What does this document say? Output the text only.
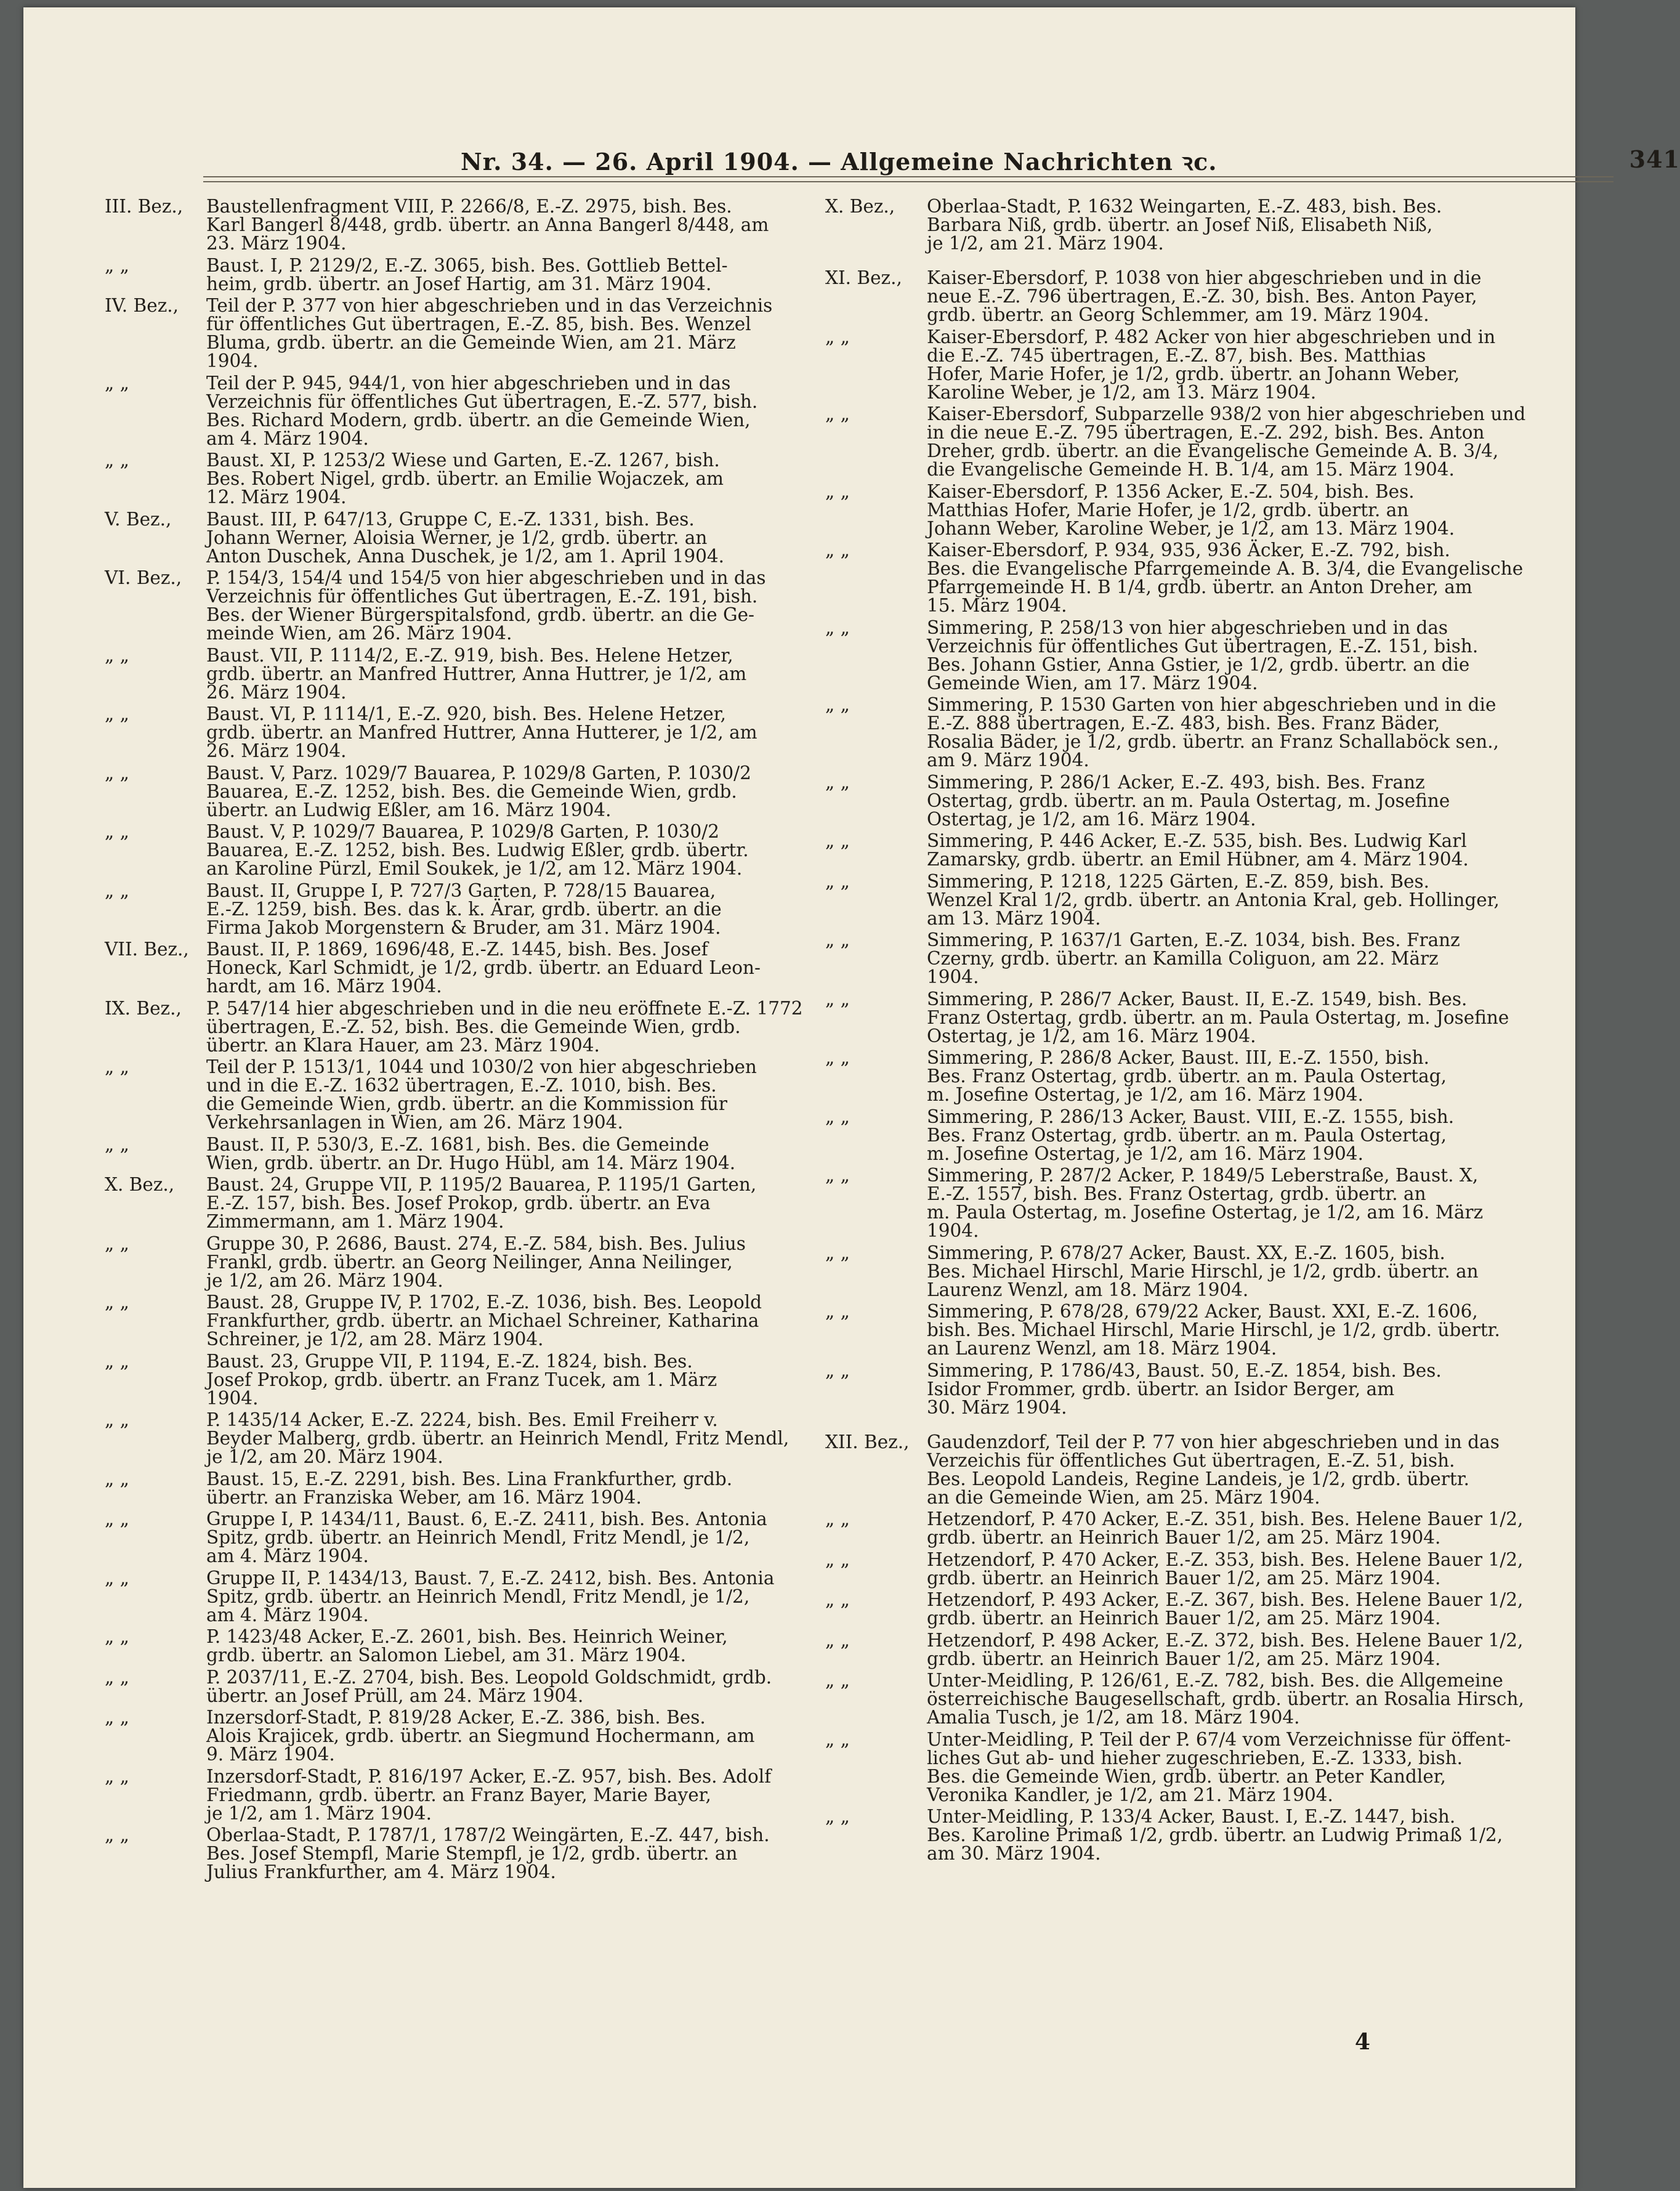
Nr. 34. — 26. April 1904. — Allgemeine Nachrichten ꝛc.	341
III. Bez.,	Baustellenfragment VIII, P. 2266/8, E.-Z. 2975, bish. Bes.
Karl Bangerl 8/448, grdb. übertr. an Anna Bangerl 8/448, am
23. März 1904.
„ „	Baust. I, P. 2129/2, E.-Z. 3065, bish. Bes. Gottlieb Bettel-
heim, grdb. übertr. an Josef Hartig, am 31. März 1904.
IV. Bez.,	Teil der P. 377 von hier abgeschrieben und in das Verzeichnis
für öffentliches Gut übertragen, E.-Z. 85, bish. Bes. Wenzel
Bluma, grdb. übertr. an die Gemeinde Wien, am 21. März
1904.
„ „	Teil der P. 945, 944/1, von hier abgeschrieben und in das
Verzeichnis für öffentliches Gut übertragen, E.-Z. 577, bish.
Bes. Richard Modern, grdb. übertr. an die Gemeinde Wien,
am 4. März 1904.
„ „	Baust. XI, P. 1253/2 Wiese und Garten, E.-Z. 1267, bish.
Bes. Robert Nigel, grdb. übertr. an Emilie Wojaczek, am
12. März 1904.
V. Bez.,	Baust. III, P. 647/13, Gruppe C, E.-Z. 1331, bish. Bes.
Johann Werner, Aloisia Werner, je 1/2, grdb. übertr. an
Anton Duschek, Anna Duschek, je 1/2, am 1. April 1904.
VI. Bez.,	P. 154/3, 154/4 und 154/5 von hier abgeschrieben und in das
Verzeichnis für öffentliches Gut übertragen, E.-Z. 191, bish.
Bes. der Wiener Bürgerspitalsfond, grdb. übertr. an die Ge-
meinde Wien, am 26. März 1904.
„ „	Baust. VII, P. 1114/2, E.-Z. 919, bish. Bes. Helene Hetzer,
grdb. übertr. an Manfred Huttrer, Anna Huttrer, je 1/2, am
26. März 1904.
„ „	Baust. VI, P. 1114/1, E.-Z. 920, bish. Bes. Helene Hetzer,
grdb. übertr. an Manfred Huttrer, Anna Hutterer, je 1/2, am
26. März 1904.
„ „	Baust. V, Parz. 1029/7 Bauarea, P. 1029/8 Garten, P. 1030/2
Bauarea, E.-Z. 1252, bish. Bes. die Gemeinde Wien, grdb.
übertr. an Ludwig Eßler, am 16. März 1904.
„ „	Baust. V, P. 1029/7 Bauarea, P. 1029/8 Garten, P. 1030/2
Bauarea, E.-Z. 1252, bish. Bes. Ludwig Eßler, grdb. übertr.
an Karoline Pürzl, Emil Soukek, je 1/2, am 12. März 1904.
„ „	Baust. II, Gruppe I, P. 727/3 Garten, P. 728/15 Bauarea,
E.-Z. 1259, bish. Bes. das k. k. Ärar, grdb. übertr. an die
Firma Jakob Morgenstern & Bruder, am 31. März 1904.
VII. Bez., Baust. II, P. 1869, 1696/48, E.-Z. 1445, bish. Bes. Josef
Honeck, Karl Schmidt, je 1/2, grdb. übertr. an Eduard Leon-
hardt, am 16. März 1904.
IX. Bez.,	P. 547/14 hier abgeschrieben und in die neu eröffnete E.-Z. 1772
übertragen, E.-Z. 52, bish. Bes. die Gemeinde Wien, grdb.
übertr. an Klara Hauer, am 23. März 1904.
„ „	Teil der P. 1513/1, 1044 und 1030/2 von hier abgeschrieben
und in die E.-Z. 1632 übertragen, E.-Z. 1010, bish. Bes.
die Gemeinde Wien, grdb. übertr. an die Kommission für
Verkehrsanlagen in Wien, am 26. März 1904.
„ „	Baust. II, P. 530/3, E.-Z. 1681, bish. Bes. die Gemeinde
Wien, grdb. übertr. an Dr. Hugo Hübl, am 14. März 1904.
X. Bez.,	Baust. 24, Gruppe VII, P. 1195/2 Bauarea, P. 1195/1 Garten,
E.-Z. 157, bish. Bes. Josef Prokop, grdb. übertr. an Eva
Zimmermann, am 1. März 1904.
„ „	Gruppe 30, P. 2686, Baust. 274, E.-Z. 584, bish. Bes. Julius
Frankl, grdb. übertr. an Georg Neilinger, Anna Neilinger,
je 1/2, am 26. März 1904.
„ „	Baust. 28, Gruppe IV, P. 1702, E.-Z. 1036, bish. Bes. Leopold
Frankfurther, grdb. übertr. an Michael Schreiner, Katharina
Schreiner, je 1/2, am 28. März 1904.
„ „	Baust. 23, Gruppe VII, P. 1194, E.-Z. 1824, bish. Bes.
Josef Prokop, grdb. übertr. an Franz Tucek, am 1. März
1904.
„ „	P. 1435/14 Acker, E.-Z. 2224, bish. Bes. Emil Freiherr v.
Beyder Malberg, grdb. übertr. an Heinrich Mendl, Fritz Mendl,
je 1/2, am 20. März 1904.
„ „	Baust. 15, E.-Z. 2291, bish. Bes. Lina Frankfurther, grdb.
übertr. an Franziska Weber, am 16. März 1904.
„ „	Gruppe I, P. 1434/11, Baust. 6, E.-Z. 2411, bish. Bes. Antonia
Spitz, grdb. übertr. an Heinrich Mendl, Fritz Mendl, je 1/2,
am 4. März 1904.
„ „	Gruppe II, P. 1434/13, Baust. 7, E.-Z. 2412, bish. Bes. Antonia
Spitz, grdb. übertr. an Heinrich Mendl, Fritz Mendl, je 1/2,
am 4. März 1904.
„ „	P. 1423/48 Acker, E.-Z. 2601, bish. Bes. Heinrich Weiner,
grdb. übertr. an Salomon Liebel, am 31. März 1904.
„ „	P. 2037/11, E.-Z. 2704, bish. Bes. Leopold Goldschmidt, grdb.
übertr. an Josef Prüll, am 24. März 1904.
„ „	Inzersdorf-Stadt, P. 819/28 Acker, E.-Z. 386, bish. Bes.
Alois Krajicek, grdb. übertr. an Siegmund Hochermann, am
9. März 1904.
„ „	Inzersdorf-Stadt, P. 816/197 Acker, E.-Z. 957, bish. Bes. Adolf
Friedmann, grdb. übertr. an Franz Bayer, Marie Bayer,
je 1/2, am 1. März 1904.
„ „	Oberlaa-Stadt, P. 1787/1, 1787/2 Weingärten, E.-Z. 447, bish.
Bes. Josef Stempfl, Marie Stempfl, je 1/2, grdb. übertr. an
Julius Frankfurther, am 4. März 1904.
X. Bez.,	Oberlaa-Stadt, P. 1632 Weingarten, E.-Z. 483, bish. Bes.
Barbara Niß, grdb. übertr. an Josef Niß, Elisabeth Niß,
je 1/2, am 21. März 1904.
XI. Bez.,	Kaiser-Ebersdorf, P. 1038 von hier abgeschrieben und in die
neue E.-Z. 796 übertragen, E.-Z. 30, bish. Bes. Anton Payer,
grdb. übertr. an Georg Schlemmer, am 19. März 1904.
„ „	Kaiser-Ebersdorf, P. 482 Acker von hier abgeschrieben und in
die E.-Z. 745 übertragen, E.-Z. 87, bish. Bes. Matthias
Hofer, Marie Hofer, je 1/2, grdb. übertr. an Johann Weber,
Karoline Weber, je 1/2, am 13. März 1904.
„ „	Kaiser-Ebersdorf, Subparzelle 938/2 von hier abgeschrieben und
in die neue E.-Z. 795 übertragen, E.-Z. 292, bish. Bes. Anton
Dreher, grdb. übertr. an die Evangelische Gemeinde A. B. 3/4,
die Evangelische Gemeinde H. B. 1/4, am 15. März 1904.
„ „	Kaiser-Ebersdorf, P. 1356 Acker, E.-Z. 504, bish. Bes.
Matthias Hofer, Marie Hofer, je 1/2, grdb. übertr. an
Johann Weber, Karoline Weber, je 1/2, am 13. März 1904.
„ „	Kaiser-Ebersdorf, P. 934, 935, 936 Äcker, E.-Z. 792, bish.
Bes. die Evangelische Pfarrgemeinde A. B. 3/4, die Evangelische
Pfarrgemeinde H. B 1/4, grdb. übertr. an Anton Dreher, am
15. März 1904.
„ „	Simmering, P. 258/13 von hier abgeschrieben und in das
Verzeichnis für öffentliches Gut übertragen, E.-Z. 151, bish.
Bes. Johann Gstier, Anna Gstier, je 1/2, grdb. übertr. an die
Gemeinde Wien, am 17. März 1904.
„ „	Simmering, P. 1530 Garten von hier abgeschrieben und in die
E.-Z. 888 übertragen, E.-Z. 483, bish. Bes. Franz Bäder,
Rosalia Bäder, je 1/2, grdb. übertr. an Franz Schallaböck sen.,
am 9. März 1904.
„ „	Simmering, P. 286/1 Acker, E.-Z. 493, bish. Bes. Franz
Ostertag, grdb. übertr. an m. Paula Ostertag, m. Josefine
Ostertag, je 1/2, am 16. März 1904.
„ „	Simmering, P. 446 Acker, E.-Z. 535, bish. Bes. Ludwig Karl
Zamarsky, grdb. übertr. an Emil Hübner, am 4. März 1904.
„ „	Simmering, P. 1218, 1225 Gärten, E.-Z. 859, bish. Bes.
Wenzel Kral 1/2, grdb. übertr. an Antonia Kral, geb. Hollinger,
am 13. März 1904.
„ „	Simmering, P. 1637/1 Garten, E.-Z. 1034, bish. Bes. Franz
Czerny, grdb. übertr. an Kamilla Coliguon, am 22. März
1904.
„ „	Simmering, P. 286/7 Acker, Baust. II, E.-Z. 1549, bish. Bes.
Franz Ostertag, grdb. übertr. an m. Paula Ostertag, m. Josefine
Ostertag, je 1/2, am 16. März 1904.
„ „	Simmering, P. 286/8 Acker, Baust. III, E.-Z. 1550, bish.
Bes. Franz Ostertag, grdb. übertr. an m. Paula Ostertag,
m. Josefine Ostertag, je 1/2, am 16. März 1904.
„ „	Simmering, P. 286/13 Acker, Baust. VIII, E.-Z. 1555, bish.
Bes. Franz Ostertag, grdb. übertr. an m. Paula Ostertag,
m. Josefine Ostertag, je 1/2, am 16. März 1904.
„ „	Simmering, P. 287/2 Acker, P. 1849/5 Leberstraße, Baust. X,
E.-Z. 1557, bish. Bes. Franz Ostertag, grdb. übertr. an
m. Paula Ostertag, m. Josefine Ostertag, je 1/2, am 16. März
1904.
„ „	Simmering, P. 678/27 Acker, Baust. XX, E.-Z. 1605, bish.
Bes. Michael Hirschl, Marie Hirschl, je 1/2, grdb. übertr. an
Laurenz Wenzl, am 18. März 1904.
„ „	Simmering, P. 678/28, 679/22 Acker, Baust. XXI, E.-Z. 1606,
bish. Bes. Michael Hirschl, Marie Hirschl, je 1/2, grdb. übertr.
an Laurenz Wenzl, am 18. März 1904.
„ „	Simmering, P. 1786/43, Baust. 50, E.-Z. 1854, bish. Bes.
Isidor Frommer, grdb. übertr. an Isidor Berger, am
30. März 1904.
XII. Bez., Gaudenzdorf, Teil der P. 77 von hier abgeschrieben und in das
Verzeichis für öffentliches Gut übertragen, E.-Z. 51, bish.
Bes. Leopold Landeis, Regine Landeis, je 1/2, grdb. übertr.
an die Gemeinde Wien, am 25. März 1904.
„ „	Hetzendorf, P. 470 Acker, E.-Z. 351, bish. Bes. Helene Bauer 1/2,
grdb. übertr. an Heinrich Bauer 1/2, am 25. März 1904.
„ „	Hetzendorf, P. 470 Acker, E.-Z. 353, bish. Bes. Helene Bauer 1/2,
grdb. übertr. an Heinrich Bauer 1/2, am 25. März 1904.
„ „	Hetzendorf, P. 493 Acker, E.-Z. 367, bish. Bes. Helene Bauer 1/2,
grdb. übertr. an Heinrich Bauer 1/2, am 25. März 1904.
„ „	Hetzendorf, P. 498 Acker, E.-Z. 372, bish. Bes. Helene Bauer 1/2,
grdb. übertr. an Heinrich Bauer 1/2, am 25. März 1904.
„ „	Unter-Meidling, P. 126/61, E.-Z. 782, bish. Bes. die Allgemeine
österreichische Baugesellschaft, grdb. übertr. an Rosalia Hirsch,
Amalia Tusch, je 1/2, am 18. März 1904.
„ „	Unter-Meidling, P. Teil der P. 67/4 vom Verzeichnisse für öffent-
liches Gut ab- und hieher zugeschrieben, E.-Z. 1333, bish.
Bes. die Gemeinde Wien, grdb. übertr. an Peter Kandler,
Veronika Kandler, je 1/2, am 21. März 1904.
„ „	Unter-Meidling, P. 133/4 Acker, Baust. I, E.-Z. 1447, bish.
Bes. Karoline Primaß 1/2, grdb. übertr. an Ludwig Primaß 1/2,
am 30. März 1904.
4
